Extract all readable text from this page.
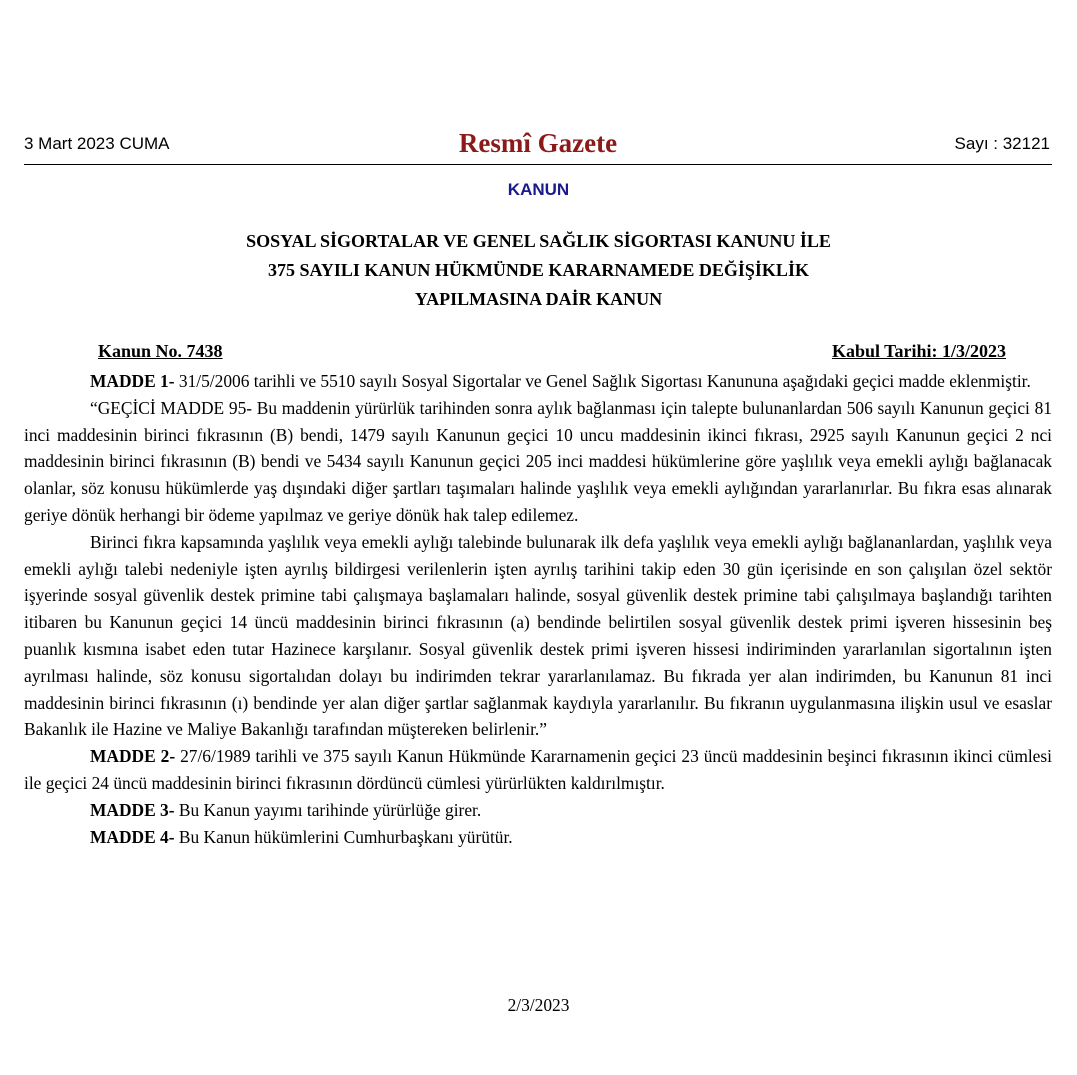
3 Mart 2023 CUMA	Resmî Gazete	Sayı : 32121
KANUN
SOSYAL SİGORTALAR VE GENEL SAĞLIK SİGORTASI KANUNU İLE
375 SAYILI KANUN HÜKMÜNDE KARARNAMEDE DEĞİŞİKLİK
YAPILMASINA DAİR KANUN
Kanun No. 7438	Kabul Tarihi: 1/3/2023

MADDE 1- 31/5/2006 tarihli ve 5510 sayılı Sosyal Sigortalar ve Genel Sağlık Sigortası Kanununa aşağıdaki geçici madde eklenmiştir.

“GEÇİCİ MADDE 95- Bu maddenin yürürlük tarihinden sonra aylık bağlanması için talepte bulunanlardan 506 sayılı Kanunun geçici 81 inci maddesinin birinci fıkrasının (B) bendi, 1479 sayılı Kanunun geçici 10 uncu maddesinin ikinci fıkrası, 2925 sayılı Kanunun geçici 2 nci maddesinin birinci fıkrasının (B) bendi ve 5434 sayılı Kanunun geçici 205 inci maddesi hükümlerine göre yaşlılık veya emekli aylığı bağlanacak olanlar, söz konusu hükümlerde yaş dışındaki diğer şartları taşımaları halinde yaşlılık veya emekli aylığından yararlanırlar. Bu fıkra esas alınarak geriye dönük herhangi bir ödeme yapılmaz ve geriye dönük hak talep edilemez.

Birinci fıkra kapsamında yaşlılık veya emekli aylığı talebinde bulunarak ilk defa yaşlılık veya emekli aylığı bağlananlardan, yaşlılık veya emekli aylığı talebi nedeniyle işten ayrılış bildirgesi verilenlerin işten ayrılış tarihini takip eden 30 gün içerisinde en son çalışılan özel sektör işyerinde sosyal güvenlik destek primine tabi çalışmaya başlamaları halinde, sosyal güvenlik destek primine tabi çalışılmaya başlandığı tarihten itibaren bu Kanunun geçici 14 üncü maddesinin birinci fıkrasının (a) bendinde belirtilen sosyal güvenlik destek primi işveren hissesinin beş puanlık kısmına isabet eden tutar Hazinece karşılanır. Sosyal güvenlik destek primi işveren hissesi indiriminden yararlanılan sigortalının işten ayrılması halinde, söz konusu sigortalıdan dolayı bu indirimden tekrar yararlanılamaz. Bu fıkrada yer alan indirimden, bu Kanunun 81 inci maddesinin birinci fıkrasının (ı) bendinde yer alan diğer şartlar sağlanmak kaydıyla yararlanılır. Bu fıkranın uygulanmasına ilişkin usul ve esaslar Bakanlık ile Hazine ve Maliye Bakanlığı tarafından müştereken belirlenir.”

MADDE 2- 27/6/1989 tarihli ve 375 sayılı Kanun Hükmünde Kararnamenin geçici 23 üncü maddesinin beşinci fıkrasının ikinci cümlesi ile geçici 24 üncü maddesinin birinci fıkrasının dördüncü cümlesi yürürlükten kaldırılmıştır.

MADDE 3- Bu Kanun yayımı tarihinde yürürlüğe girer.

MADDE 4- Bu Kanun hükümlerini Cumhurbaşkanı yürütür.

2/3/2023
